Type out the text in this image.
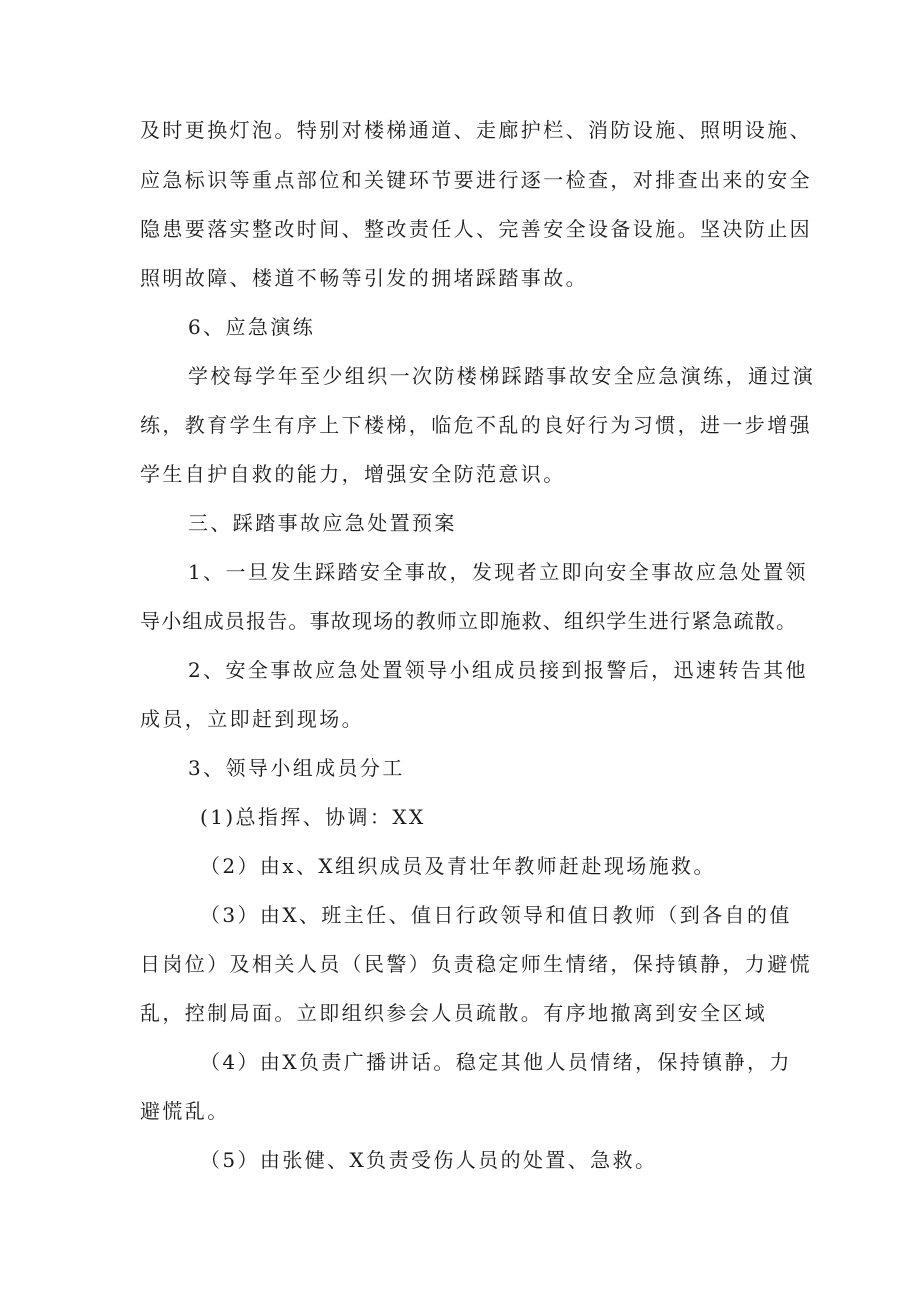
及时更换灯泡。特别对楼梯通道、走廊护栏、消防设施、照明设施、
应急标识等重点部位和关键环节要进行逐一检查，对排查出来的安全
隐患要落实整改时间、整改责任人、完善安全设备设施。坚决防止因
照明故障、楼道不畅等引发的拥堵踩踏事故。
6、应急演练
学校每学年至少组织一次防楼梯踩踏事故安全应急演练，通过演
练，教育学生有序上下楼梯，临危不乱的良好行为习惯，进一步增强
学生自护自救的能力，增强安全防范意识。
三、踩踏事故应急处置预案
1、一旦发生踩踏安全事故，发现者立即向安全事故应急处置领
导小组成员报告。事故现场的教师立即施救、组织学生进行紧急疏散。
2、安全事故应急处置领导小组成员接到报警后，迅速转告其他
成员，立即赶到现场。
3、领导小组成员分工
(1)总指挥、协调：XX
（2）由x、X组织成员及青壮年教师赶赴现场施救。
（3）由X、班主任、值日行政领导和值日教师（到各自的值
日岗位）及相关人员（民警）负责稳定师生情绪，保持镇静，力避慌
乱，控制局面。立即组织参会人员疏散。有序地撤离到安全区域
（4）由X负责广播讲话。稳定其他人员情绪，保持镇静，力
避慌乱。
（5）由张健、X负责受伤人员的处置、急救。
